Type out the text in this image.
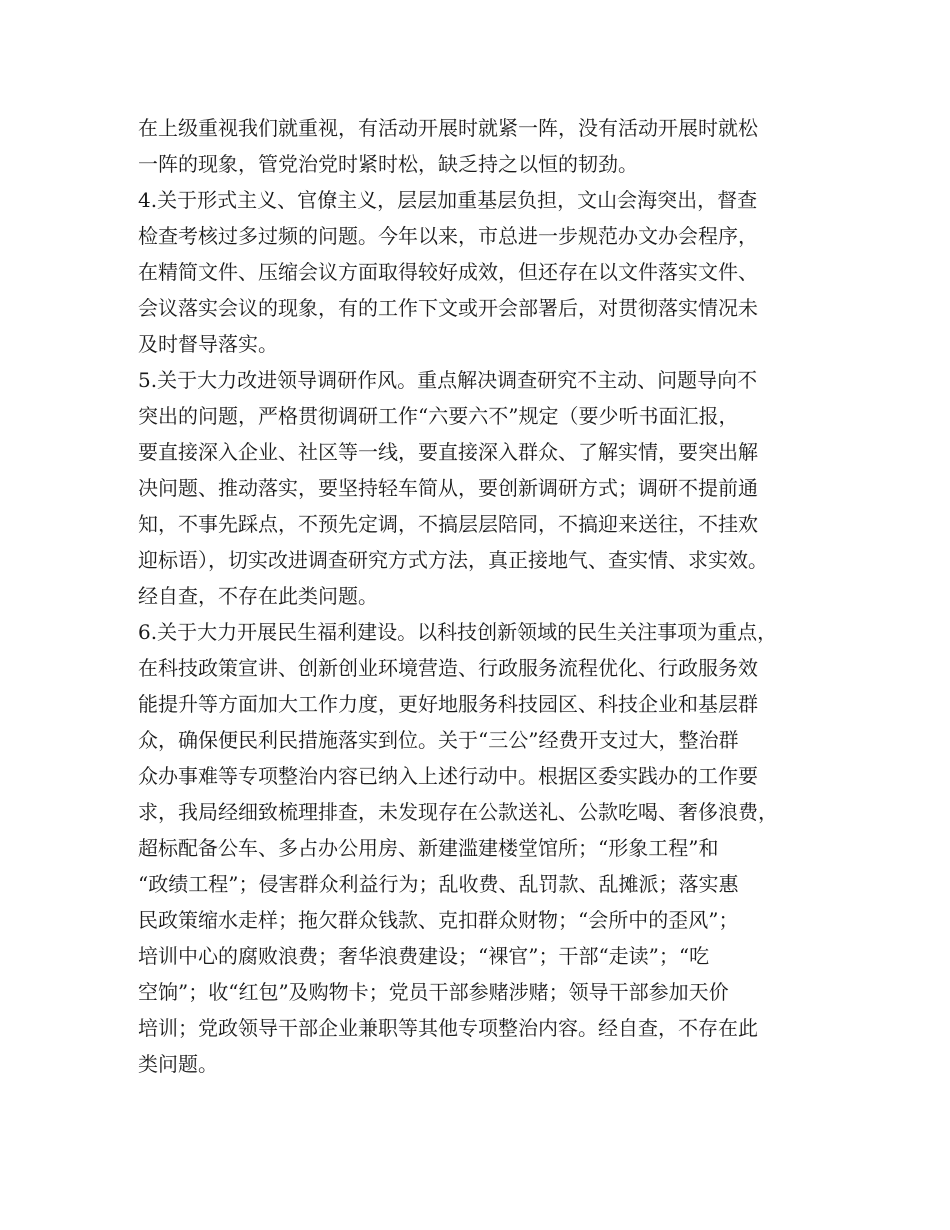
在上级重视我们就重视，有活动开展时就紧一阵，没有活动开展时就松

一阵的现象，管党治党时紧时松，缺乏持之以恒的韧劲。

4.关于形式主义、官僚主义，层层加重基层负担，文山会海突出，督查

检查考核过多过频的问题。今年以来，市总进一步规范办文办会程序，

在精简文件、压缩会议方面取得较好成效，但还存在以文件落实文件、

会议落实会议的现象，有的工作下文或开会部署后，对贯彻落实情况未

及时督导落实。

5.关于大力改进领导调研作风。重点解决调查研究不主动、问题导向不

突出的问题，严格贯彻调研工作“六要六不”规定（要少听书面汇报，

要直接深入企业、社区等一线，要直接深入群众、了解实情，要突出解

决问题、推动落实，要坚持轻车简从，要创新调研方式；调研不提前通

知，不事先踩点，不预先定调，不搞层层陪同，不搞迎来送往，不挂欢

迎标语），切实改进调查研究方式方法，真正接地气、查实情、求实效。

经自查，不存在此类问题。

6.关于大力开展民生福利建设。以科技创新领域的民生关注事项为重点，

在科技政策宣讲、创新创业环境营造、行政服务流程优化、行政服务效

能提升等方面加大工作力度，更好地服务科技园区、科技企业和基层群

众，确保便民利民措施落实到位。关于“三公”经费开支过大，整治群

众办事难等专项整治内容已纳入上述行动中。根据区委实践办的工作要

求，我局经细致梳理排查，未发现存在公款送礼、公款吃喝、奢侈浪费，

超标配备公车、多占办公用房、新建滥建楼堂馆所；“形象工程”和

“政绩工程”；侵害群众利益行为；乱收费、乱罚款、乱摊派；落实惠

民政策缩水走样；拖欠群众钱款、克扣群众财物；“会所中的歪风”；

培训中心的腐败浪费；奢华浪费建设；“裸官”；干部“走读”；“吃

空饷”；收“红包”及购物卡；党员干部参赌涉赌；领导干部参加天价

培训；党政领导干部企业兼职等其他专项整治内容。经自查，不存在此

类问题。
